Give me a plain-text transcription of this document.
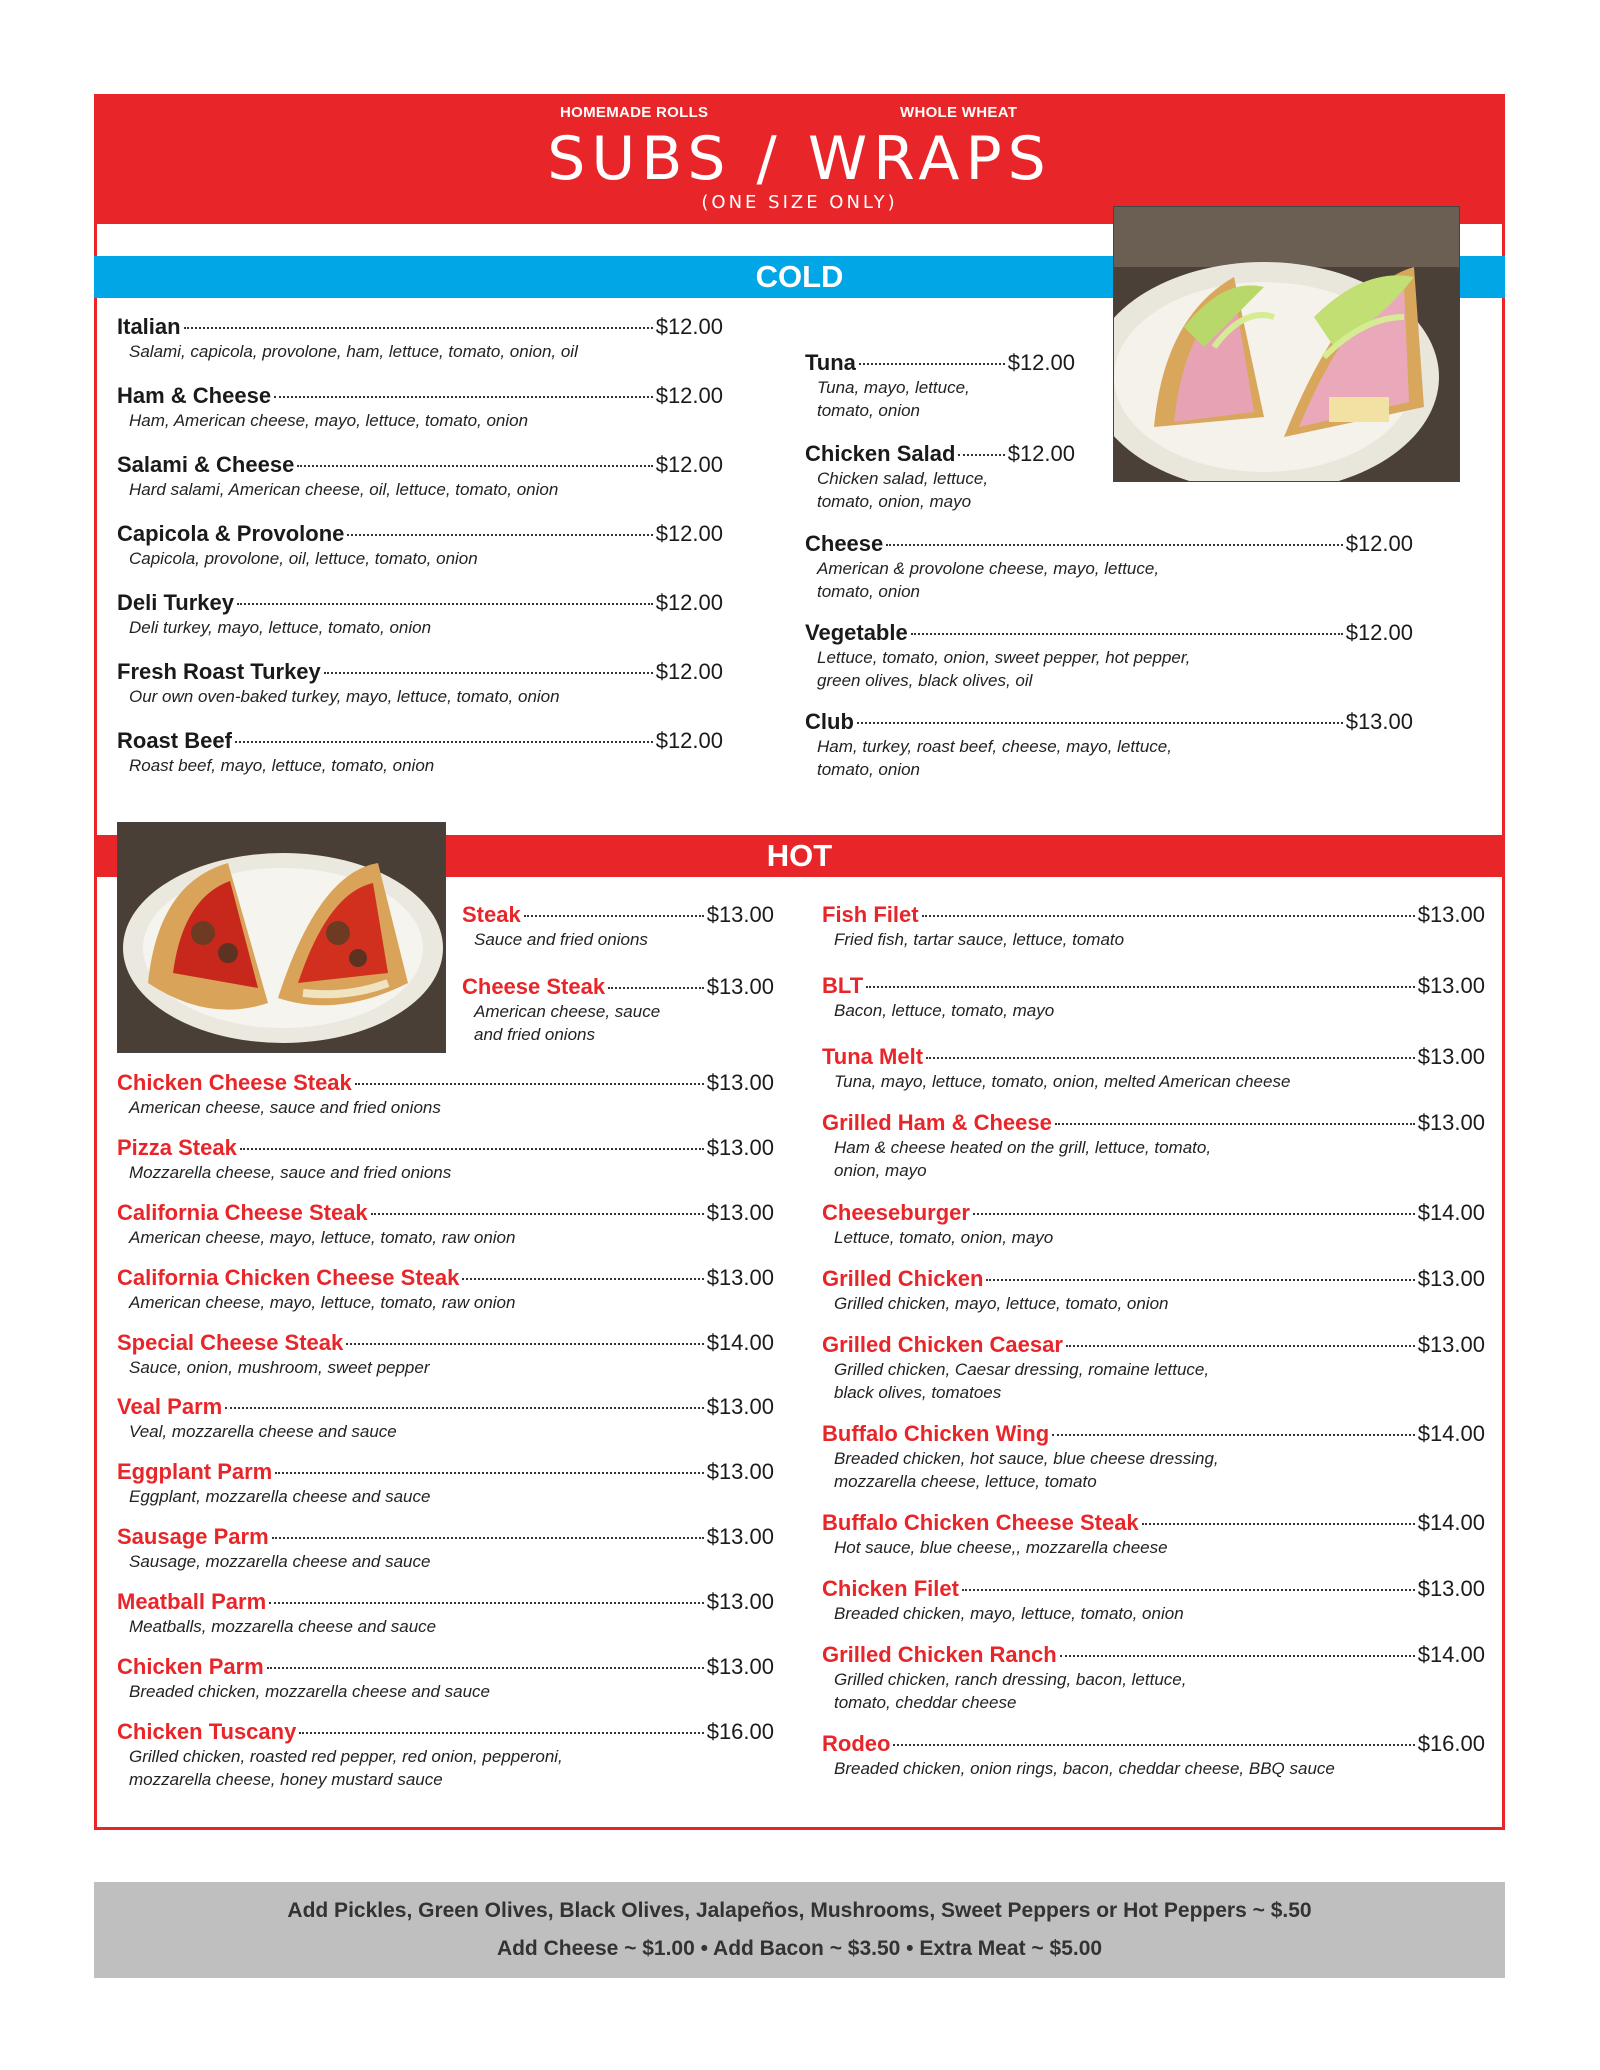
HOMEMADE ROLLS	WHOLE WHEAT
SUBS / WRAPS
(ONE SIZE ONLY)
COLD
HOT
Italian	$12.00
Salami, capicola, provolone, ham, lettuce, tomato, onion, oil
Ham & Cheese	$12.00
Ham, American cheese, mayo, lettuce, tomato, onion
Salami & Cheese	$12.00
Hard salami, American cheese, oil, lettuce, tomato, onion
Capicola & Provolone	$12.00
Capicola, provolone, oil, lettuce, tomato, onion
Deli Turkey	$12.00
Deli turkey, mayo, lettuce, tomato, onion
Fresh Roast Turkey	$12.00
Our own oven-baked turkey, mayo, lettuce, tomato, onion
Roast Beef	$12.00
Roast beef, mayo, lettuce, tomato, onion
Tuna	$12.00
Tuna, mayo, lettuce,
tomato, onion
Chicken Salad $12.00
Chicken salad, lettuce,
tomato, onion, mayo
Cheese	$12.00
American & provolone cheese, mayo, lettuce,
tomato, onion
Vegetable	$12.00
Lettuce, tomato, onion, sweet pepper, hot pepper,
green olives, black olives, oil
Club	$13.00
Ham, turkey, roast beef, cheese, mayo, lettuce,
tomato, onion
Steak	$13.00
Sauce and fried onions
Cheese Steak	$13.00
American cheese, sauce
and fried onions
Chicken Cheese Steak	$13.00
American cheese, sauce and fried onions
Pizza Steak	$13.00
Mozzarella cheese, sauce and fried onions
California Cheese Steak	$13.00
American cheese, mayo, lettuce, tomato, raw onion
California Chicken Cheese Steak	$13.00
American cheese, mayo, lettuce, tomato, raw onion
Special Cheese Steak	$14.00
Sauce, onion, mushroom, sweet pepper
Veal Parm	$13.00
Veal, mozzarella cheese and sauce
Eggplant Parm	$13.00
Eggplant, mozzarella cheese and sauce
Sausage Parm	$13.00
Sausage, mozzarella cheese and sauce
Meatball Parm	$13.00
Meatballs, mozzarella cheese and sauce
Chicken Parm	$13.00
Breaded chicken, mozzarella cheese and sauce
Chicken Tuscany	$16.00
Grilled chicken, roasted red pepper, red onion, pepperoni,
mozzarella cheese, honey mustard sauce
Fish Filet	$13.00
Fried fish, tartar sauce, lettuce, tomato
BLT	$13.00
Bacon, lettuce, tomato, mayo
Tuna Melt	$13.00
Tuna, mayo, lettuce, tomato, onion, melted American cheese
Grilled Ham & Cheese	$13.00
Ham & cheese heated on the grill, lettuce, tomato,
onion, mayo
Cheeseburger	$14.00
Lettuce, tomato, onion, mayo
Grilled Chicken	$13.00
Grilled chicken, mayo, lettuce, tomato, onion
Grilled Chicken Caesar	$13.00
Grilled chicken, Caesar dressing, romaine lettuce,
black olives, tomatoes
Buffalo Chicken Wing	$14.00
Breaded chicken, hot sauce, blue cheese dressing,
mozzarella cheese, lettuce, tomato
Buffalo Chicken Cheese Steak	$14.00
Hot sauce, blue cheese,, mozzarella cheese
Chicken Filet	$13.00
Breaded chicken, mayo, lettuce, tomato, onion
Grilled Chicken Ranch	$14.00
Grilled chicken, ranch dressing, bacon, lettuce,
tomato, cheddar cheese
Rodeo	$16.00
Breaded chicken, onion rings, bacon, cheddar cheese, BBQ sauce
Add Pickles, Green Olives, Black Olives, Jalapeños, Mushrooms, Sweet Peppers or Hot Peppers ~ $.50
Add Cheese ~ $1.00 • Add Bacon ~ $3.50 • Extra Meat ~ $5.00
